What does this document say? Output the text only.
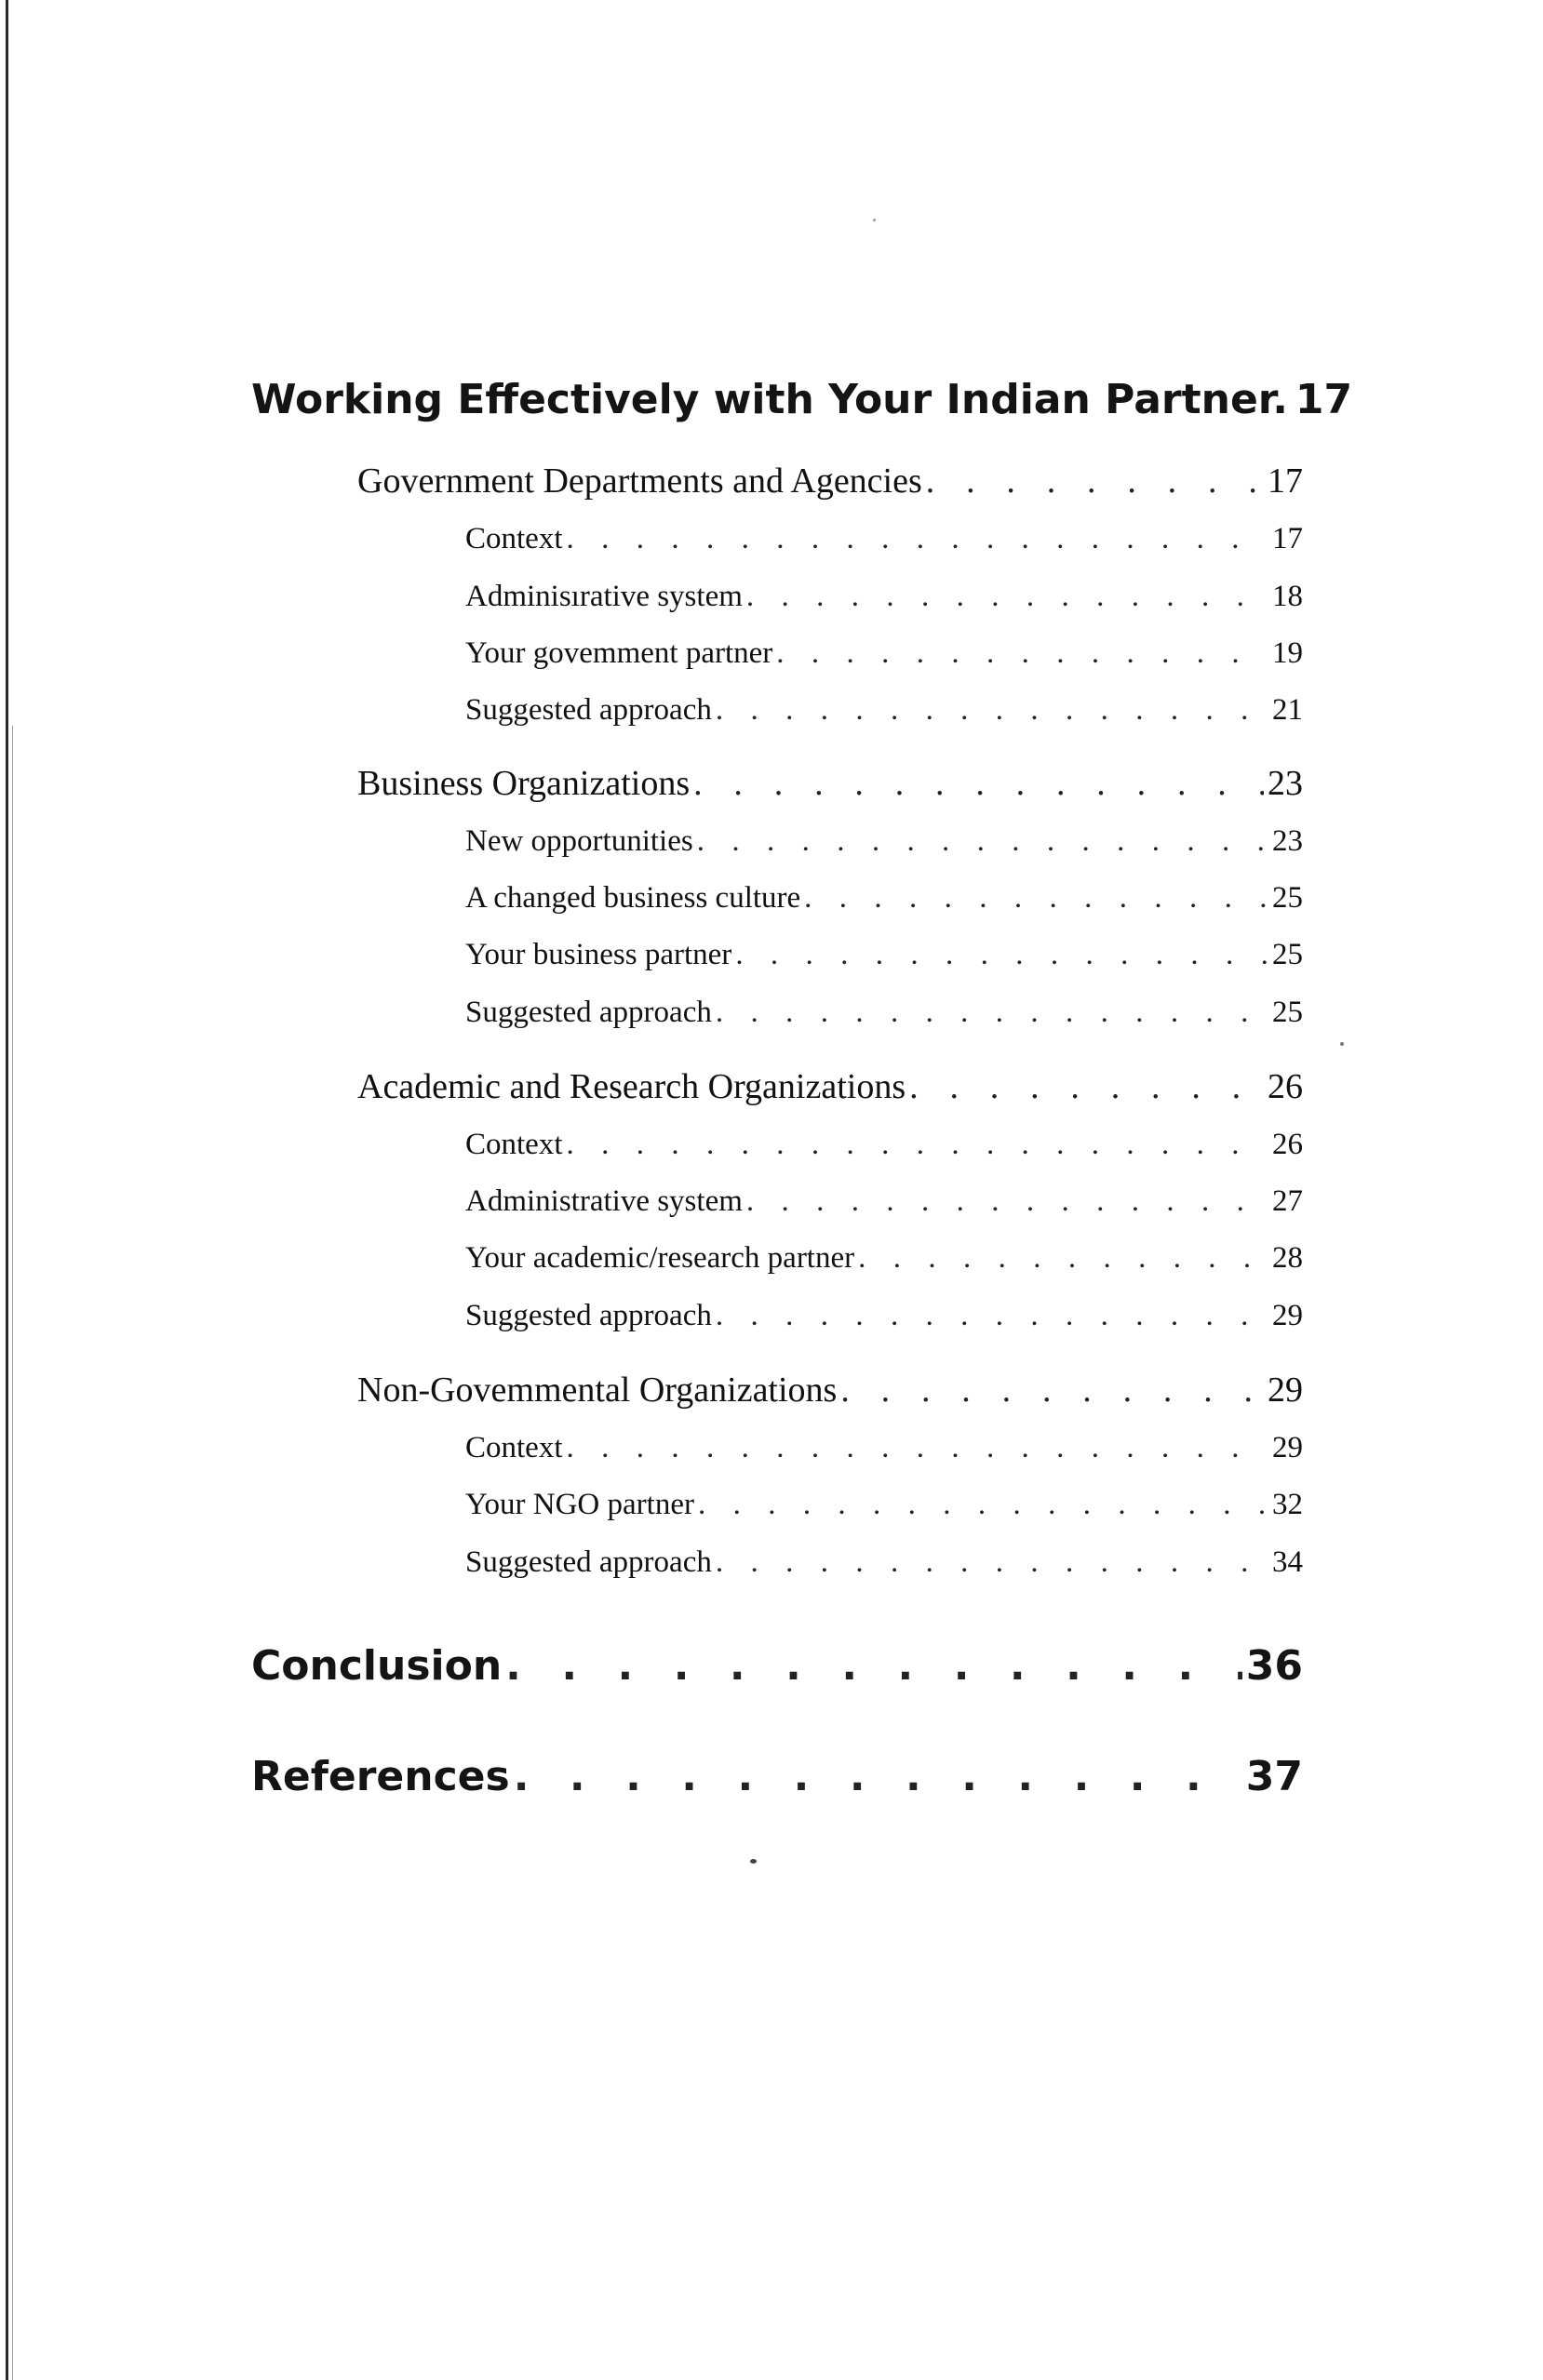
Working Effectively with Your Indian Partner. . . . 17
Government Departments and Agencies . . .	17
Context . . .	17
Adminisırative system . . .	18
Your govemment partner . . .	19
Suggested approach . . .	21
Business Organizations . . .	23
New opportunities . . .	23
A changed business culture . . .	25
Your business partner . . .	25
Suggested approach . . .	25
Academic and Research Organizations . . .	26
Context . . .	26
Administrative system . . .	27
Your academic/research partner . . .	28
Suggested approach . . .	29
Non-Govemmental Organizations . . .	29
Context . . .	29
Your NGO partner . . .	32
Suggested approach . . .	34
Conclusion . . .	36
References . . .	37
